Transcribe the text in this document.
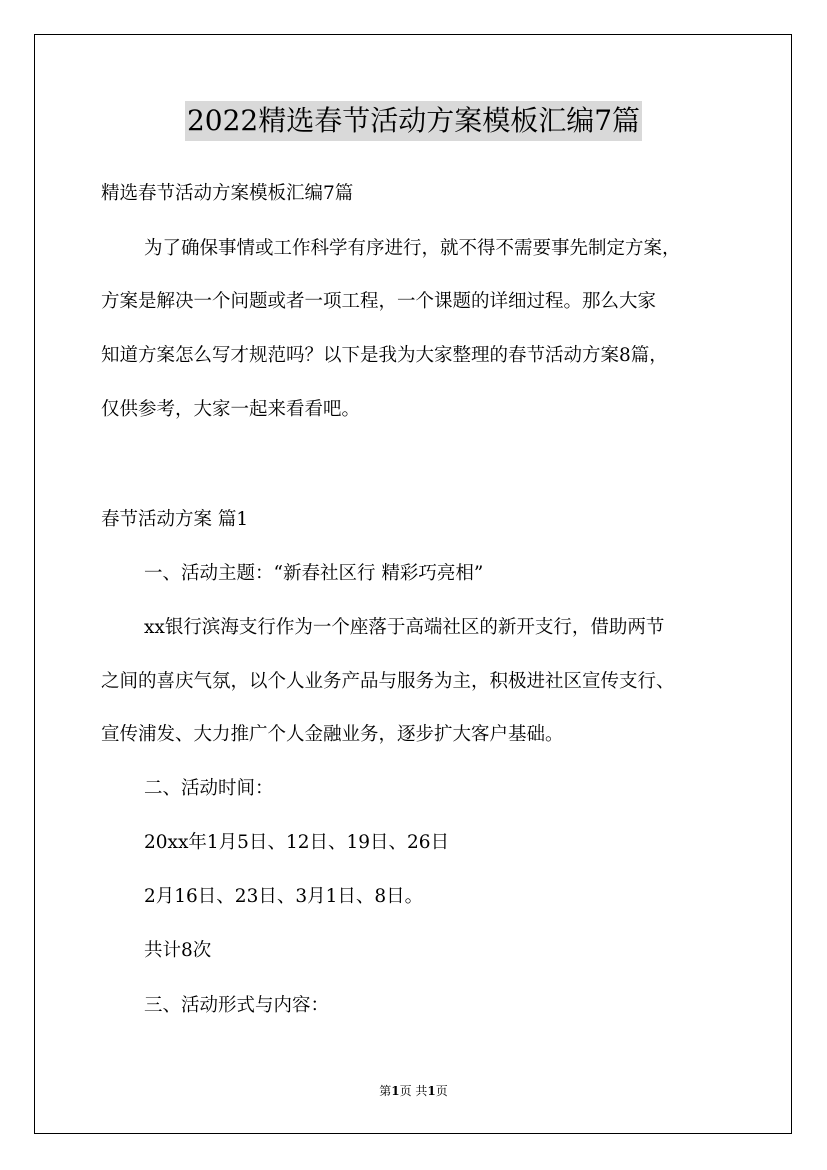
2022精选春节活动方案模板汇编7篇

精选春节活动方案模板汇编7篇

为了确保事情或工作科学有序进行，就不得不需要事先制定方案，

方案是解决一个问题或者一项工程，一个课题的详细过程。那么大家

知道方案怎么写才规范吗？以下是我为大家整理的春节活动方案8篇，

仅供参考，大家一起来看看吧。

春节活动方案 篇1

一、活动主题：“新春社区行 精彩巧亮相”

xx银行滨海支行作为一个座落于高端社区的新开支行，借助两节

之间的喜庆气氛，以个人业务产品与服务为主，积极进社区宣传支行、

宣传浦发、大力推广个人金融业务，逐步扩大客户基础。

二、活动时间：

20xx年1月5日、12日、19日、26日

2月16日、23日、3月1日、8日。

共计8次

三、活动形式与内容：

第1页 共1页
